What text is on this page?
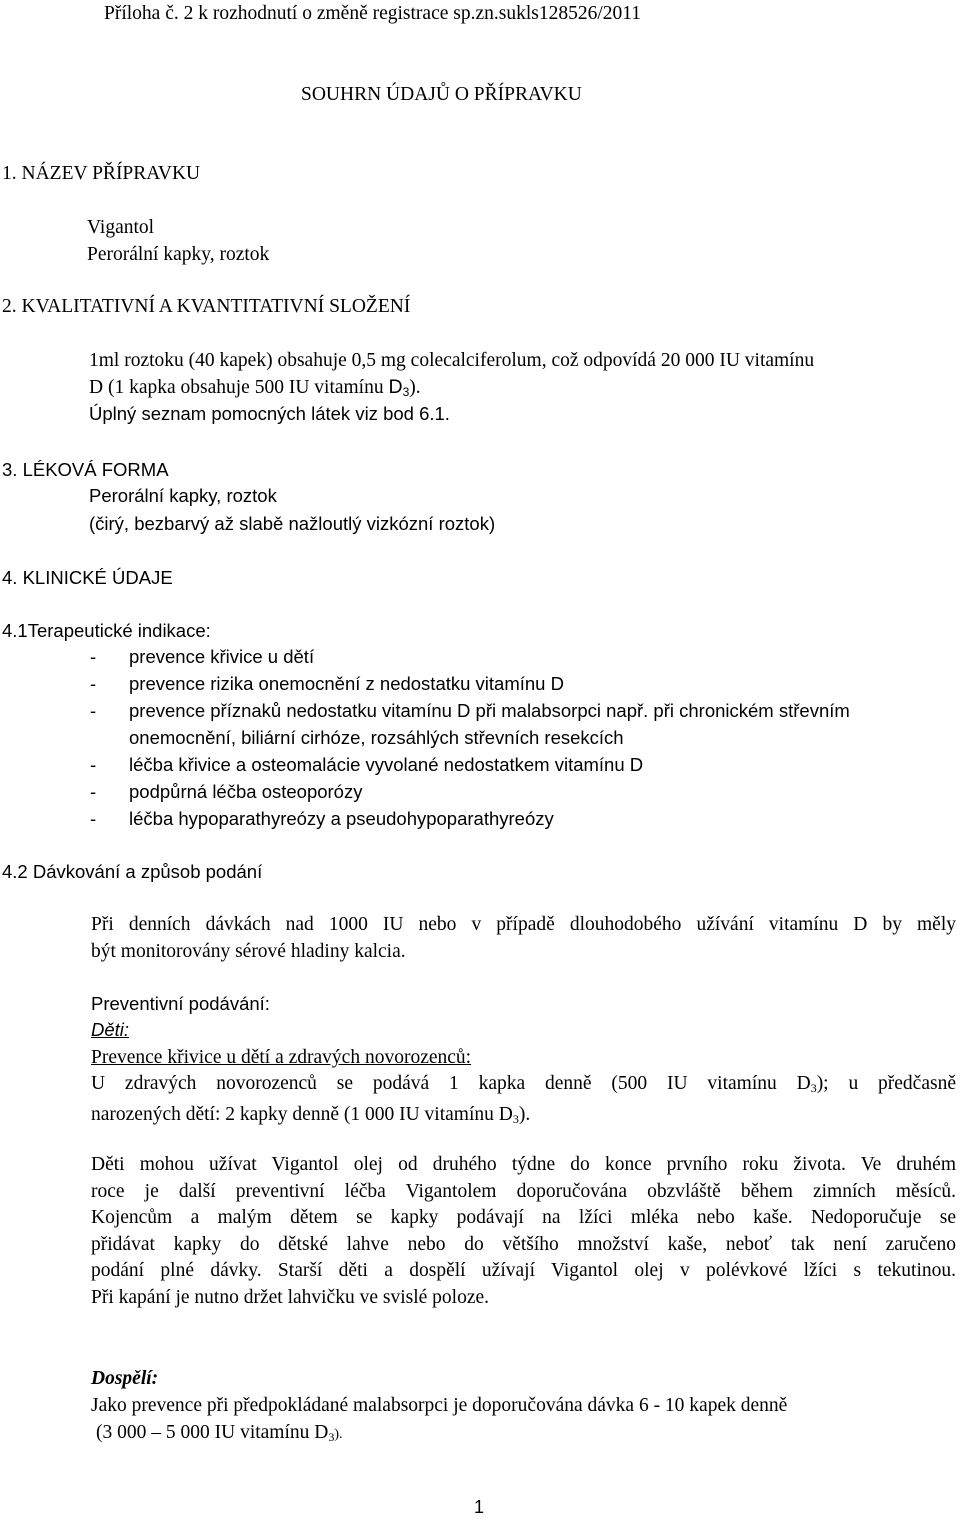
Příloha č. 2 k rozhodnutí o změně registrace sp.zn.sukls128526/2011
SOUHRN ÚDAJŮ O PŘÍPRAVKU
1. NÁZEV PŘÍPRAVKU
Vigantol
Perorální kapky, roztok
2. KVALITATIVNÍ A KVANTITATIVNÍ SLOŽENÍ
1ml roztoku (40 kapek) obsahuje 0,5 mg colecalciferolum, což odpovídá 20 000 IU vitamínu
D (1 kapka obsahuje 500 IU vitamínu $D_3$).
Úplný seznam pomocných látek viz bod 6.1.
3. LÉKOVÁ FORMA
Perorální kapky, roztok
(čirý, bezbarvý až slabě nažloutlý vizkózní roztok)
4. KLINICKÉ ÚDAJE
4.1Terapeutické indikace:
- prevence křivice u dětí
- prevence rizika onemocnění z nedostatku vitamínu D
- prevence příznaků nedostatku vitamínu D při malabsorpci např. při chronickém střevním
onemocnění, biliární cirhóze, rozsáhlých střevních resekcích
- léčba křivice a osteomalácie vyvolané nedostatkem vitamínu D
- podpůrná léčba osteoporózy
- léčba hypoparathyreózy a pseudohypoparathyreózy
4.2 Dávkování a způsob podání
Při denních dávkách nad 1000 IU nebo v případě dlouhodobého užívání vitamínu D by měly
být monitorovány sérové hladiny kalcia.
Preventivní podávání:
Děti:
Prevence křivice u dětí a zdravých novorozenců:
U zdravých novorozenců se podává 1 kapka denně (500 IU vitamínu $D_3$); u předčasně
narozených dětí: 2 kapky denně (1 000 IU vitamínu $D_3$).
Děti mohou užívat Vigantol olej od druhého týdne do konce prvního roku života. Ve druhém
roce je další preventivní léčba Vigantolem doporučována obzvláště během zimních měsíců.
Kojencům a malým dětem se kapky podávají na lžíci mléka nebo kaše. Nedoporučuje se
přidávat kapky do dětské lahve nebo do většího množství kaše, neboť tak není zaručeno
podání plné dávky. Starší děti a dospělí užívají Vigantol olej v polévkové lžíci s tekutinou.
Při kapání je nutno držet lahvičku ve svislé poloze.
Dospělí:
Jako prevence při předpokládané malabsorpci je doporučována dávka 6 - 10 kapek denně
(3 000 – 5 000 IU vitamínu $D_3$).
1
